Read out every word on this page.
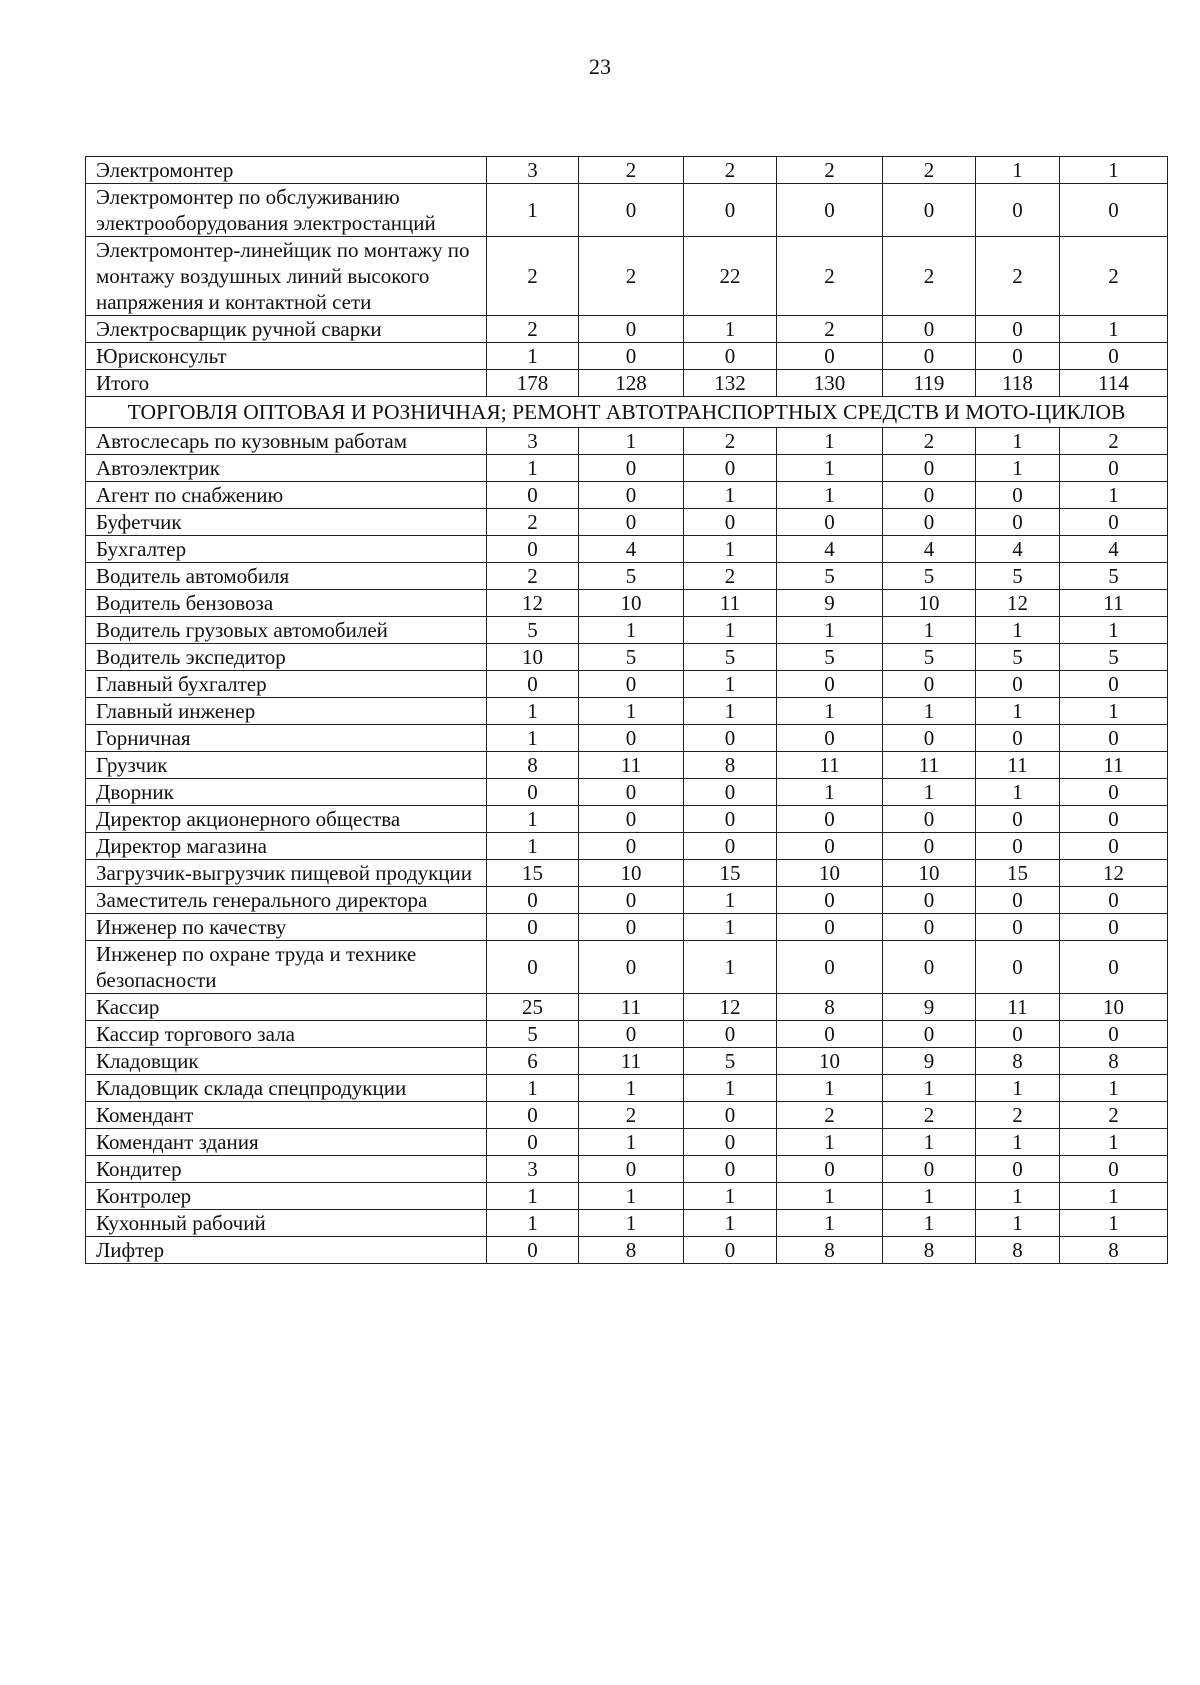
23
Электромонтер	3	2	2	2	2	1	1
Электромонтер по обслуживанию электрооборудования электростанций	1	0	0	0	0	0	0
Электромонтер-линейщик по монтажу по монтажу воздушных линий высокого напряжения и контактной сети	2	2	22	2	2	2	2
Электросварщик ручной сварки	2	0	1	2	0	0	1
Юрисконсульт	1	0	0	0	0	0	0
Итого	178	128	132	130	119	118	114
ТОРГОВЛЯ ОПТОВАЯ И РОЗНИЧНАЯ; РЕМОНТ АВТОТРАНСПОРТНЫХ СРЕДСТВ И МОТО-ЦИКЛОВ							
Автослесарь по кузовным работам	3	1	2	1	2	1	2
Автоэлектрик	1	0	0	1	0	1	0
Агент по снабжению	0	0	1	1	0	0	1
Буфетчик	2	0	0	0	0	0	0
Бухгалтер	0	4	1	4	4	4	4
Водитель автомобиля	2	5	2	5	5	5	5
Водитель бензовоза	12	10	11	9	10	12	11
Водитель грузовых автомобилей	5	1	1	1	1	1	1
Водитель экспедитор	10	5	5	5	5	5	5
Главный бухгалтер	0	0	1	0	0	0	0
Главный инженер	1	1	1	1	1	1	1
Горничная	1	0	0	0	0	0	0
Грузчик	8	11	8	11	11	11	11
Дворник	0	0	0	1	1	1	0
Директор акционерного общества	1	0	0	0	0	0	0
Директор магазина	1	0	0	0	0	0	0
Загрузчик-выгрузчик пищевой продукции	15	10	15	10	10	15	12
Заместитель генерального директора	0	0	1	0	0	0	0
Инженер по качеству	0	0	1	0	0	0	0
Инженер по охране труда и технике безопасности	0	0	1	0	0	0	0
Кассир	25	11	12	8	9	11	10
Кассир торгового зала	5	0	0	0	0	0	0
Кладовщик	6	11	5	10	9	8	8
Кладовщик склада спецпродукции	1	1	1	1	1	1	1
Комендант	0	2	0	2	2	2	2
Комендант здания	0	1	0	1	1	1	1
Кондитер	3	0	0	0	0	0	0
Контролер	1	1	1	1	1	1	1
Кухонный рабочий	1	1	1	1	1	1	1
Лифтер	0	8	0	8	8	8	8
